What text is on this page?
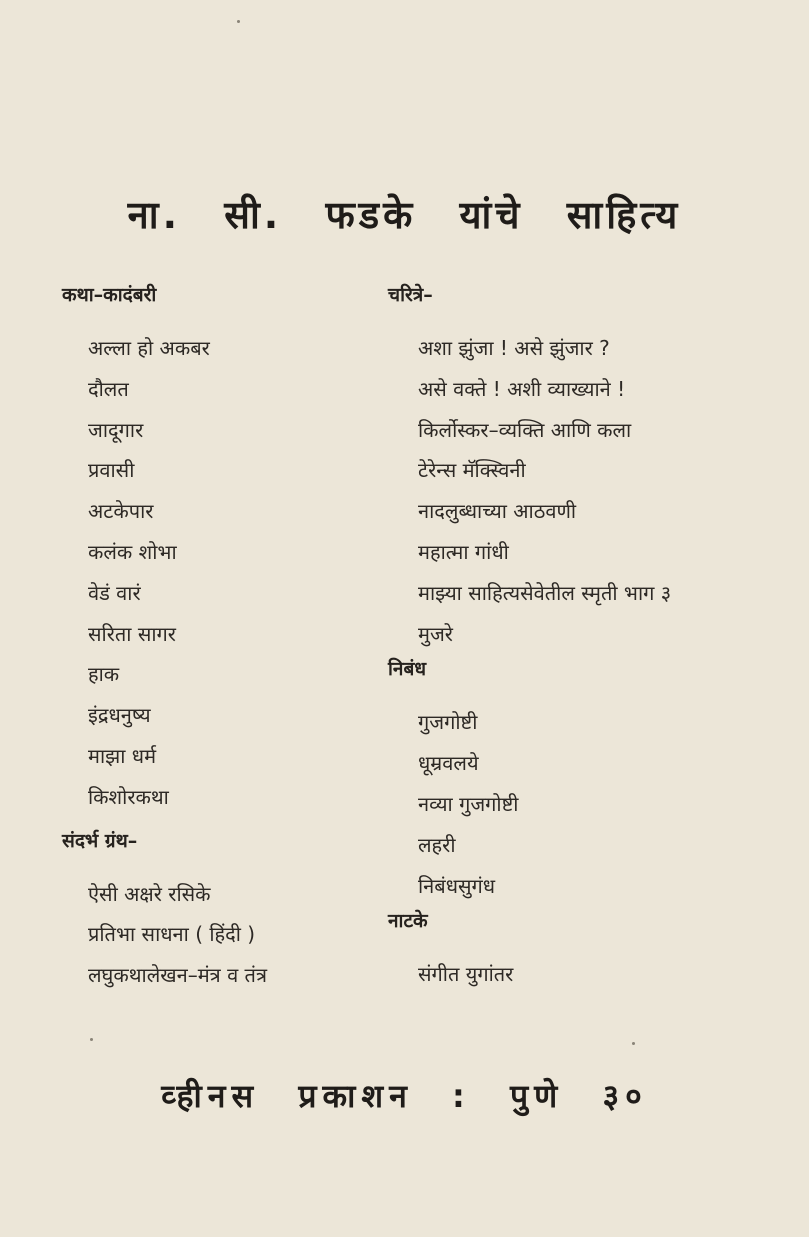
ना. सी. फडके यांचे साहित्य
कथा–कादंबरी
अल्ला हो अकबर
दौलत
जादूगार
प्रवासी
अटकेपार
कलंक शोभा
वेडं वारं
सरिता सागर
हाक
इंद्रधनुष्य
माझा धर्म
किशोरकथा
संदर्भ ग्रंथ–
ऐसी अक्षरे रसिके
प्रतिभा साधना ( हिंदी )
लघुकथालेखन–मंत्र व तंत्र
चरित्रे–
अशा झुंजा ! असे झुंजार ?
असे वक्ते ! अशी व्याख्याने !
किर्लोस्कर–व्यक्ति आणि कला
टेरेन्स मॅक्स्विनी
नादलुब्धाच्या आठवणी
महात्मा गांधी
माझ्या साहित्यसेवेतील स्मृती भाग ३
मुजरे
निबंध
गुजगोष्टी
धूम्रवलये
नव्या गुजगोष्टी
लहरी
निबंधसुगंध
नाटके
संगीत युगांतर
व्हीनस प्रकाशन : पुणे ३०
